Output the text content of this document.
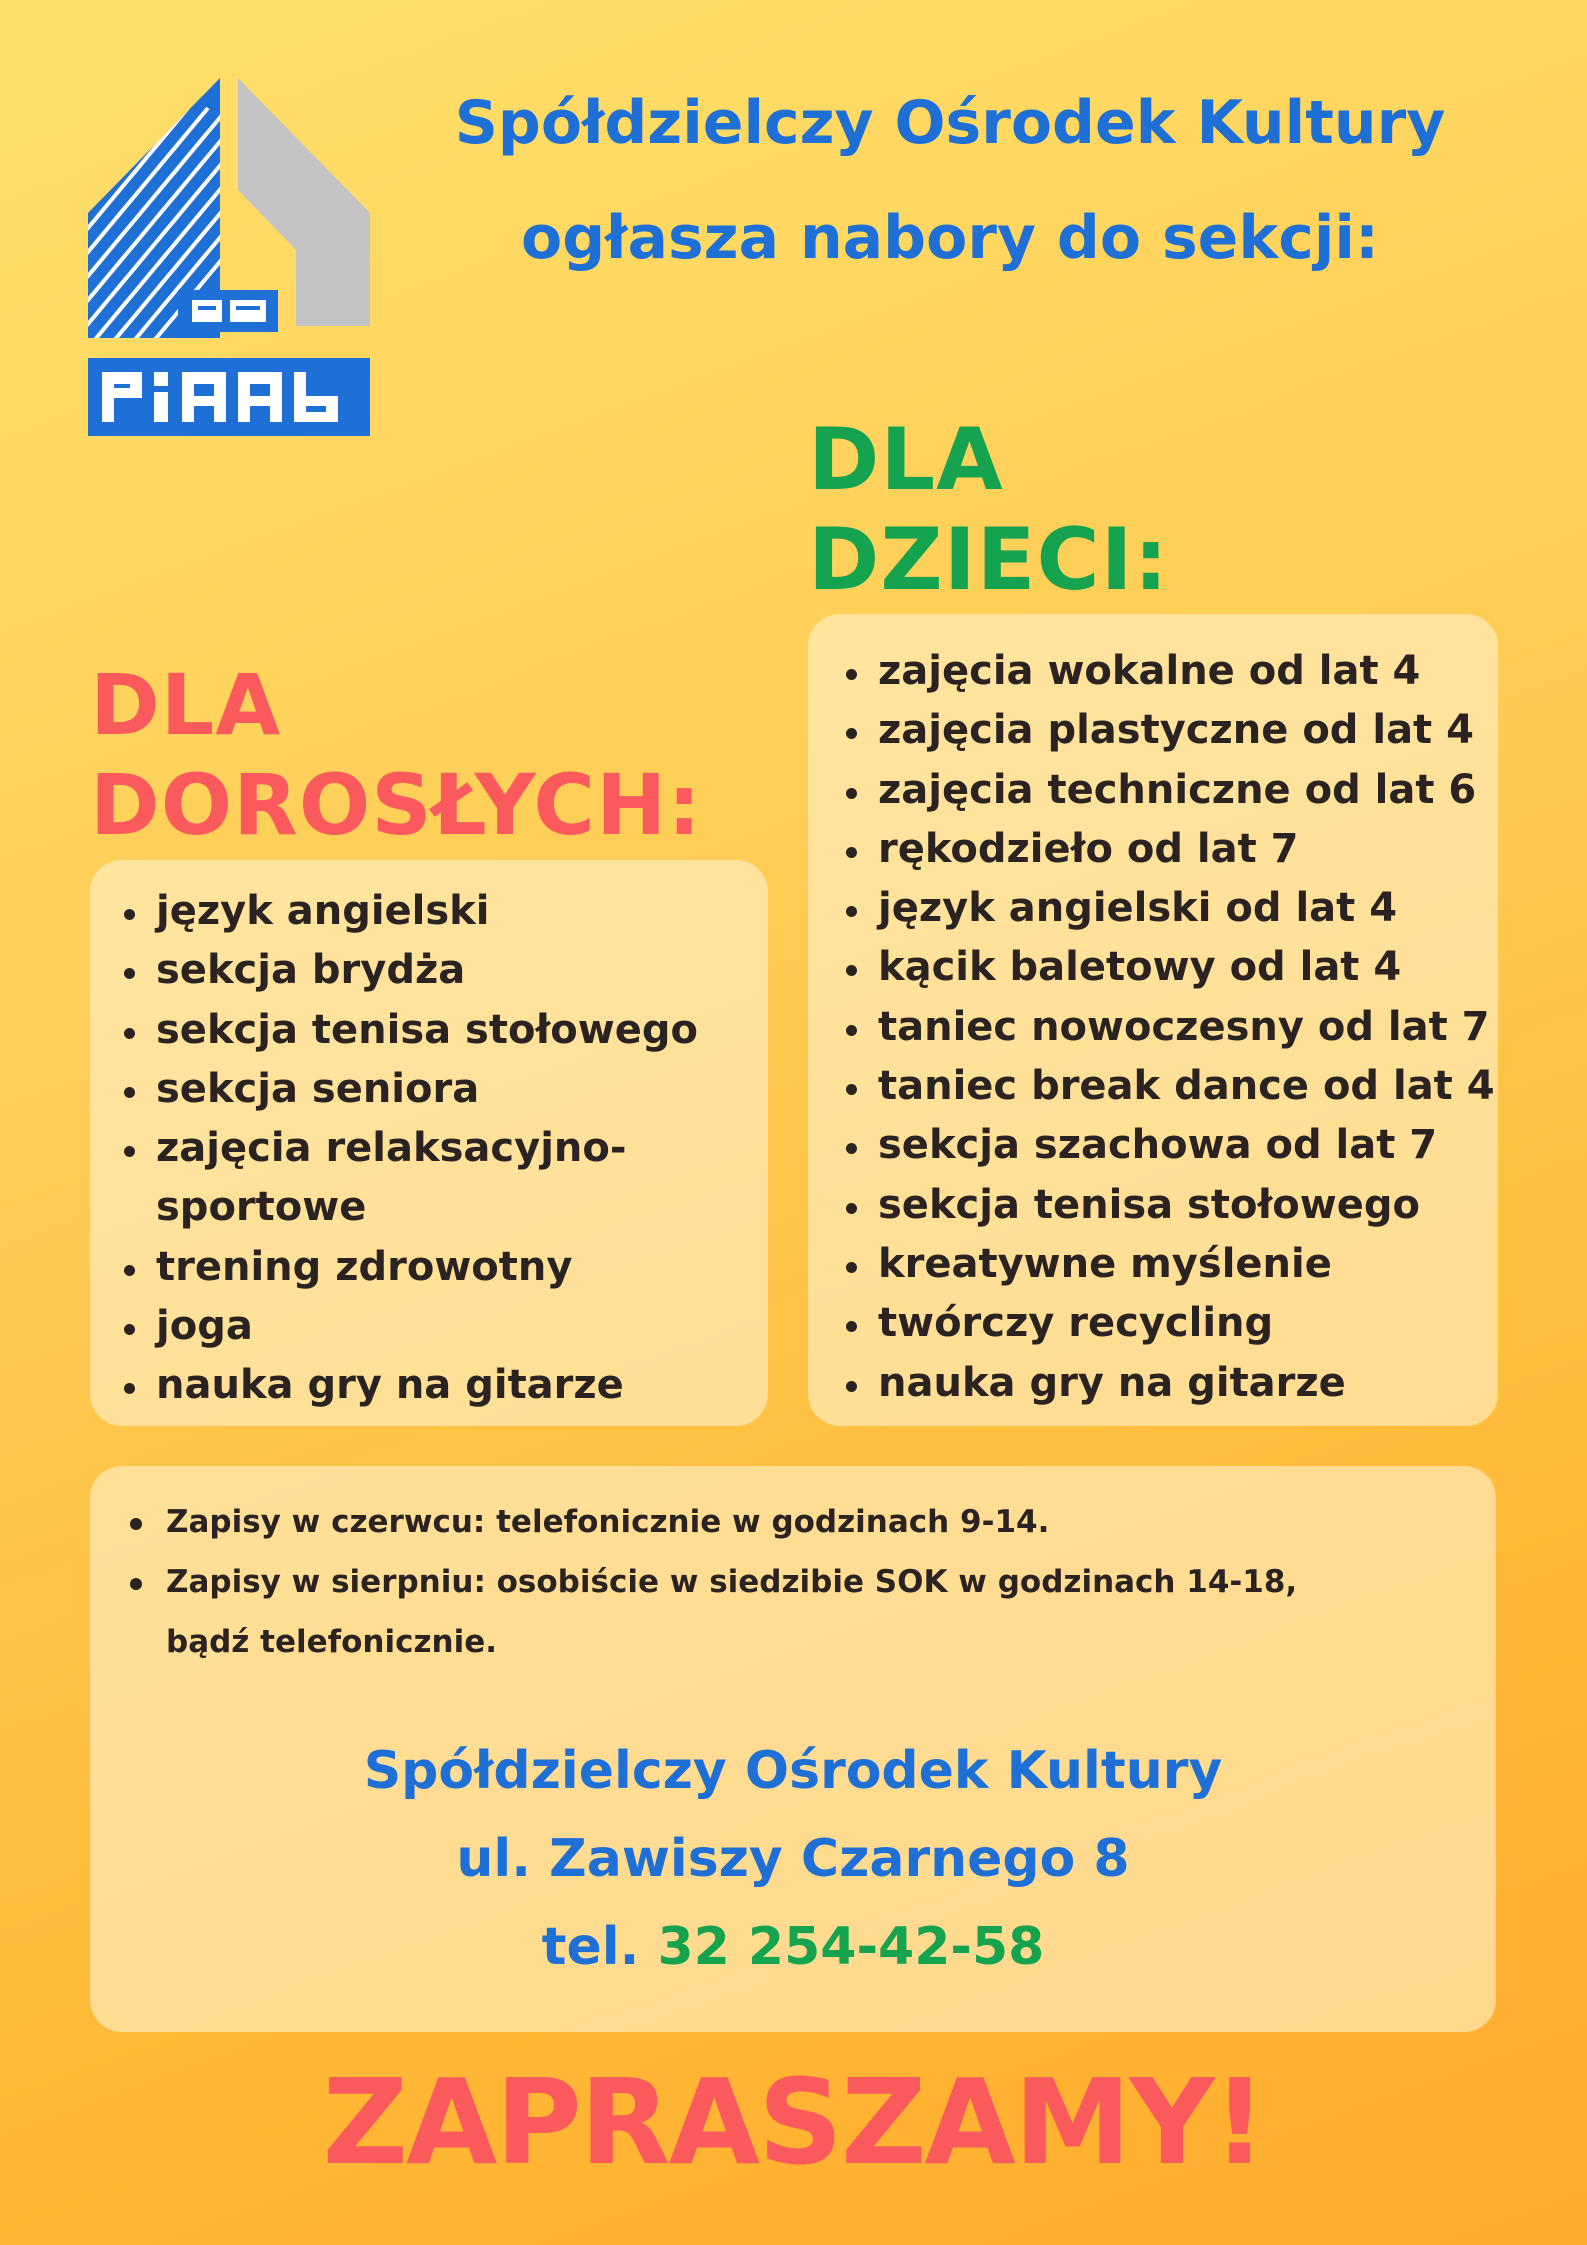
Spółdzielczy Ośrodek Kultury
ogłasza nabory do sekcji:
DLA
DZIECI:
zajęcia wokalne od lat 4
zajęcia plastyczne od lat 4
zajęcia techniczne od lat 6
rękodzieło od lat 7
język angielski od lat 4
kącik baletowy od lat 4
taniec nowoczesny od lat 7
taniec break dance od lat 4
sekcja szachowa od lat 7
sekcja tenisa stołowego
kreatywne myślenie
twórczy recycling
nauka gry na gitarze
DLA
DOROSŁYCH:
język angielski
sekcja brydża
sekcja tenisa stołowego
sekcja seniora
zajęcia relaksacyjno-
sportowe
trening zdrowotny
joga
nauka gry na gitarze
Zapisy w czerwcu: telefonicznie w godzinach 9-14.
Zapisy w sierpniu: osobiście w siedzibie SOK w godzinach 14-18,
bądź telefonicznie.
Spółdzielczy Ośrodek Kultury
ul. Zawiszy Czarnego 8
tel. 32 254-42-58
ZAPRASZAMY!
